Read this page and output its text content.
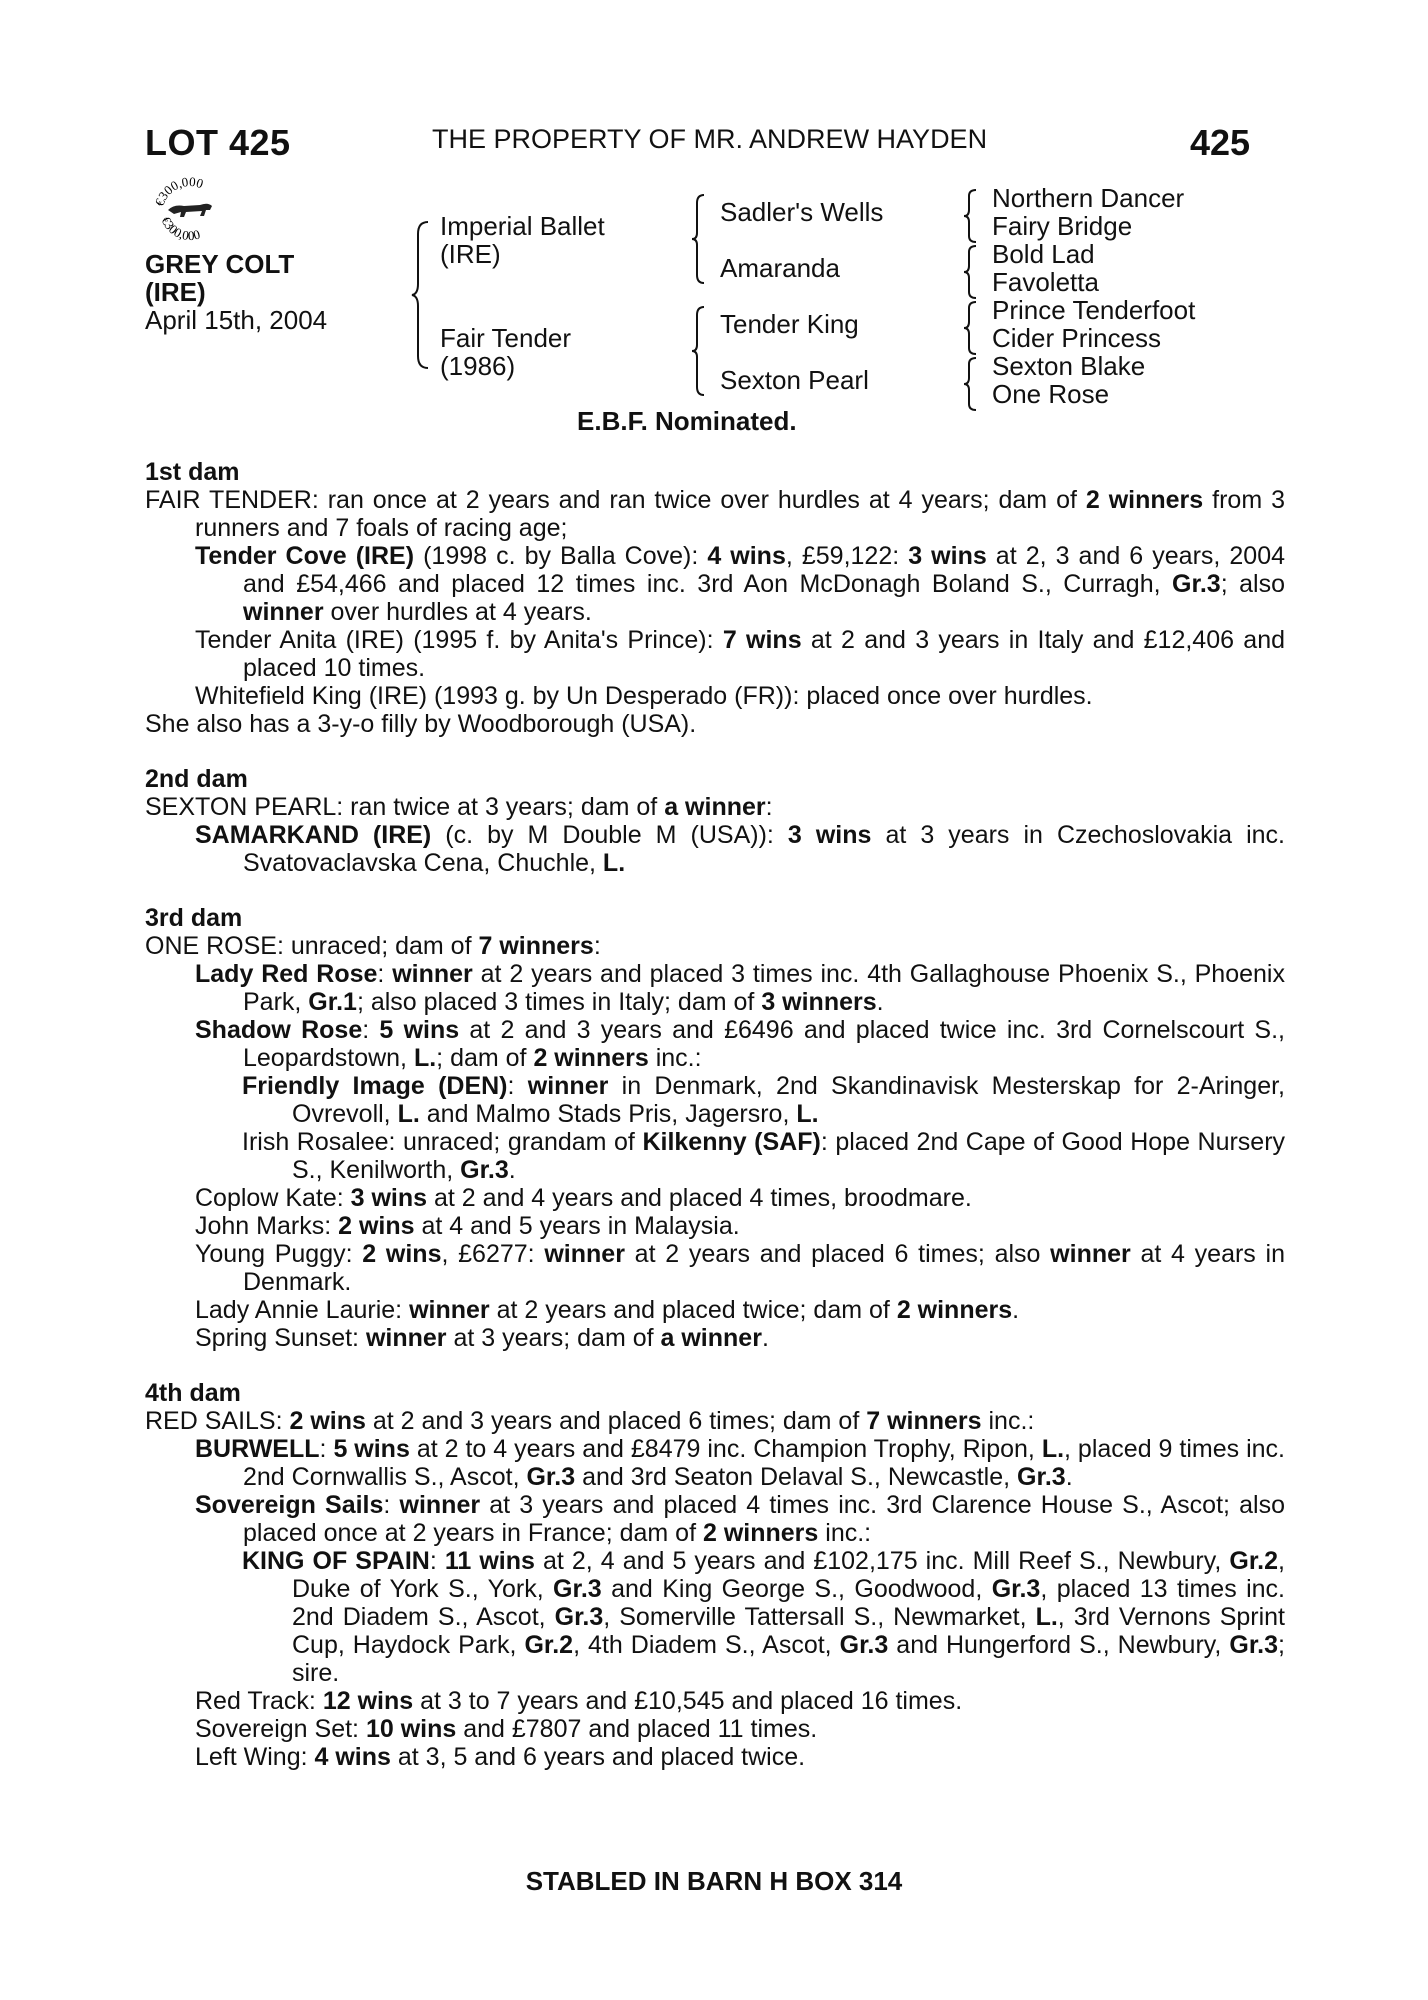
LOT 425	THE PROPERTY OF MR. ANDREW HAYDEN	425
€300,000
€300,000
GREY COLT
(IRE)
April 15th, 2004
Imperial Ballet
(IRE)
Fair Tender
(1986)
Sadler's Wells
Amaranda
Tender King
Sexton Pearl
Northern Dancer
Fairy Bridge
Bold Lad
Favoletta
Prince Tenderfoot
Cider Princess
Sexton Blake
One Rose
E.B.F. Nominated.

1st dam

FAIR TENDER: ran once at 2 years and ran twice over hurdles at 4 years; dam of 2 winners from 3 runners and 7 foals of racing age;

Tender Cove (IRE) (1998 c. by Balla Cove): 4 wins, £59,122: 3 wins at 2, 3 and 6 years, 2004 and £54,466 and placed 12 times inc. 3rd Aon McDonagh Boland S., Curragh, Gr.3; also winner over hurdles at 4 years.

Tender Anita (IRE) (1995 f. by Anita's Prince): 7 wins at 2 and 3 years in Italy and £12,406 and placed 10 times.

Whitefield King (IRE) (1993 g. by Un Desperado (FR)): placed once over hurdles.

She also has a 3-y-o filly by Woodborough (USA).

2nd dam

SEXTON PEARL: ran twice at 3 years; dam of a winner:

SAMARKAND (IRE) (c. by M Double M (USA)): 3 wins at 3 years in Czechoslovakia inc. Svatovaclavska Cena, Chuchle, L.

3rd dam

ONE ROSE: unraced; dam of 7 winners:

Lady Red Rose: winner at 2 years and placed 3 times inc. 4th Gallaghouse Phoenix S., Phoenix Park, Gr.1; also placed 3 times in Italy; dam of 3 winners.

Shadow Rose: 5 wins at 2 and 3 years and £6496 and placed twice inc. 3rd Cornelscourt S., Leopardstown, L.; dam of 2 winners inc.:

Friendly Image (DEN): winner in Denmark, 2nd Skandinavisk Mesterskap for 2-Aringer, Ovrevoll, L. and Malmo Stads Pris, Jagersro, L.

Irish Rosalee: unraced; grandam of Kilkenny (SAF): placed 2nd Cape of Good Hope Nursery S., Kenilworth, Gr.3.

Coplow Kate: 3 wins at 2 and 4 years and placed 4 times, broodmare.

John Marks: 2 wins at 4 and 5 years in Malaysia.

Young Puggy: 2 wins, £6277: winner at 2 years and placed 6 times; also winner at 4 years in Denmark.

Lady Annie Laurie: winner at 2 years and placed twice; dam of 2 winners.

Spring Sunset: winner at 3 years; dam of a winner.

4th dam

RED SAILS: 2 wins at 2 and 3 years and placed 6 times; dam of 7 winners inc.:

BURWELL: 5 wins at 2 to 4 years and £8479 inc. Champion Trophy, Ripon, L., placed 9 times inc. 2nd Cornwallis S., Ascot, Gr.3 and 3rd Seaton Delaval S., Newcastle, Gr.3.

Sovereign Sails: winner at 3 years and placed 4 times inc. 3rd Clarence House S., Ascot; also placed once at 2 years in France; dam of 2 winners inc.:

KING OF SPAIN: 11 wins at 2, 4 and 5 years and £102,175 inc. Mill Reef S., Newbury, Gr.2, Duke of York S., York, Gr.3 and King George S., Goodwood, Gr.3, placed 13 times inc. 2nd Diadem S., Ascot, Gr.3, Somerville Tattersall S., Newmarket, L., 3rd Vernons Sprint Cup, Haydock Park, Gr.2, 4th Diadem S., Ascot, Gr.3 and Hungerford S., Newbury, Gr.3; sire.

Red Track: 12 wins at 3 to 7 years and £10,545 and placed 16 times.

Sovereign Set: 10 wins and £7807 and placed 11 times.

Left Wing: 4 wins at 3, 5 and 6 years and placed twice.

STABLED IN BARN H BOX 314
